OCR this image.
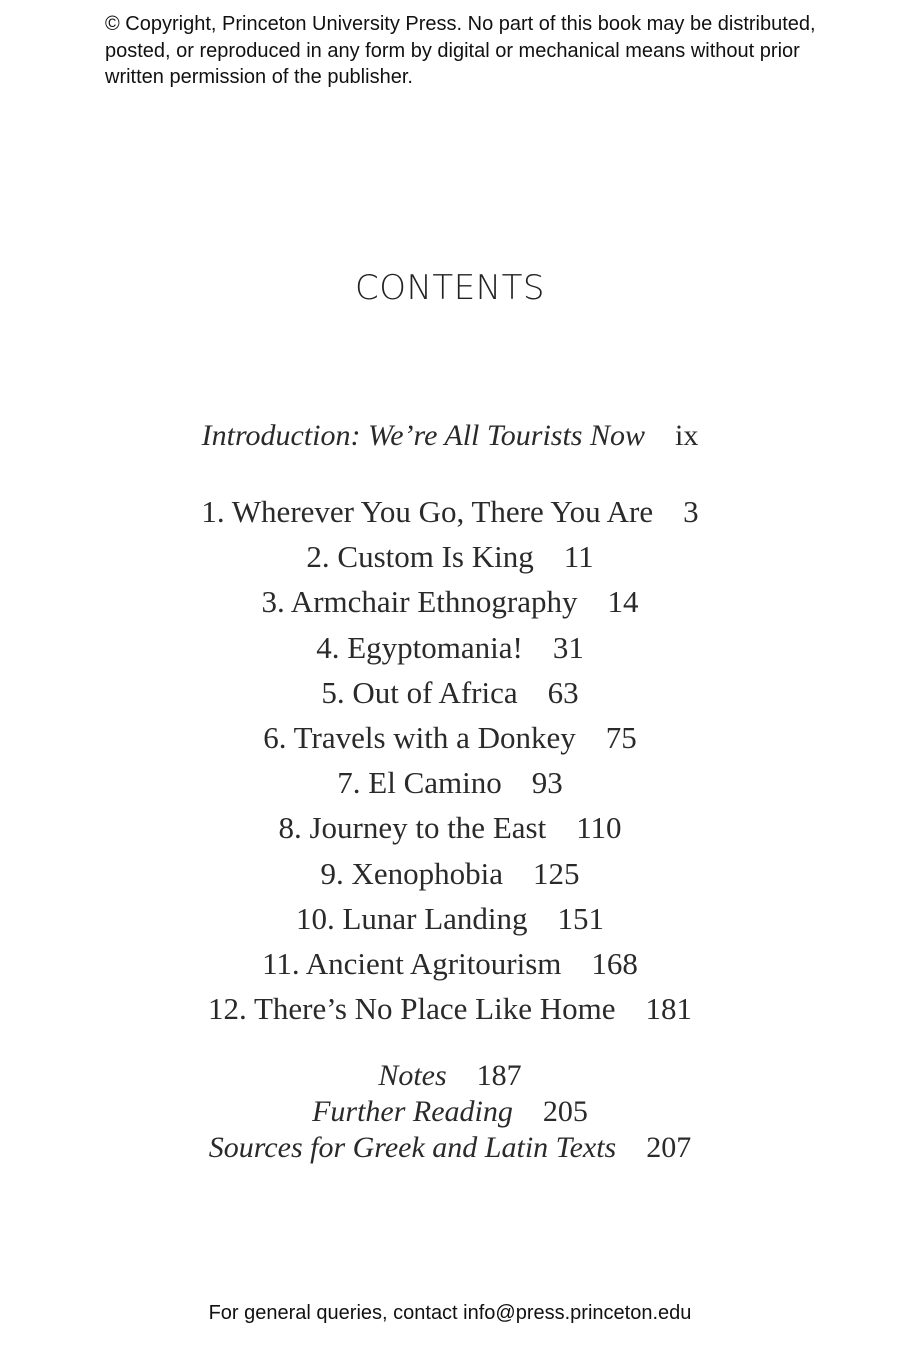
© Copyright, Princeton University Press. No part of this book may be distributed, posted, or reproduced in any form by digital or mechanical means without prior written permission of the publisher.

CONTENTS

Introduction: We’re All Tourists Now ix

1. Wherever You Go, There You Are 3

2. Custom Is King 11

3. Armchair Ethnography 14

4. Egyptomania! 31

5. Out of Africa 63

6. Travels with a Donkey 75

7. El Camino 93

8. Journey to the East 110

9. Xenophobia 125

10. Lunar Landing 151

11. Ancient Agritourism 168

12. There’s No Place Like Home 181

Notes 187

Further Reading 205

Sources for Greek and Latin Texts 207

For general queries, contact info@press.princeton.edu
